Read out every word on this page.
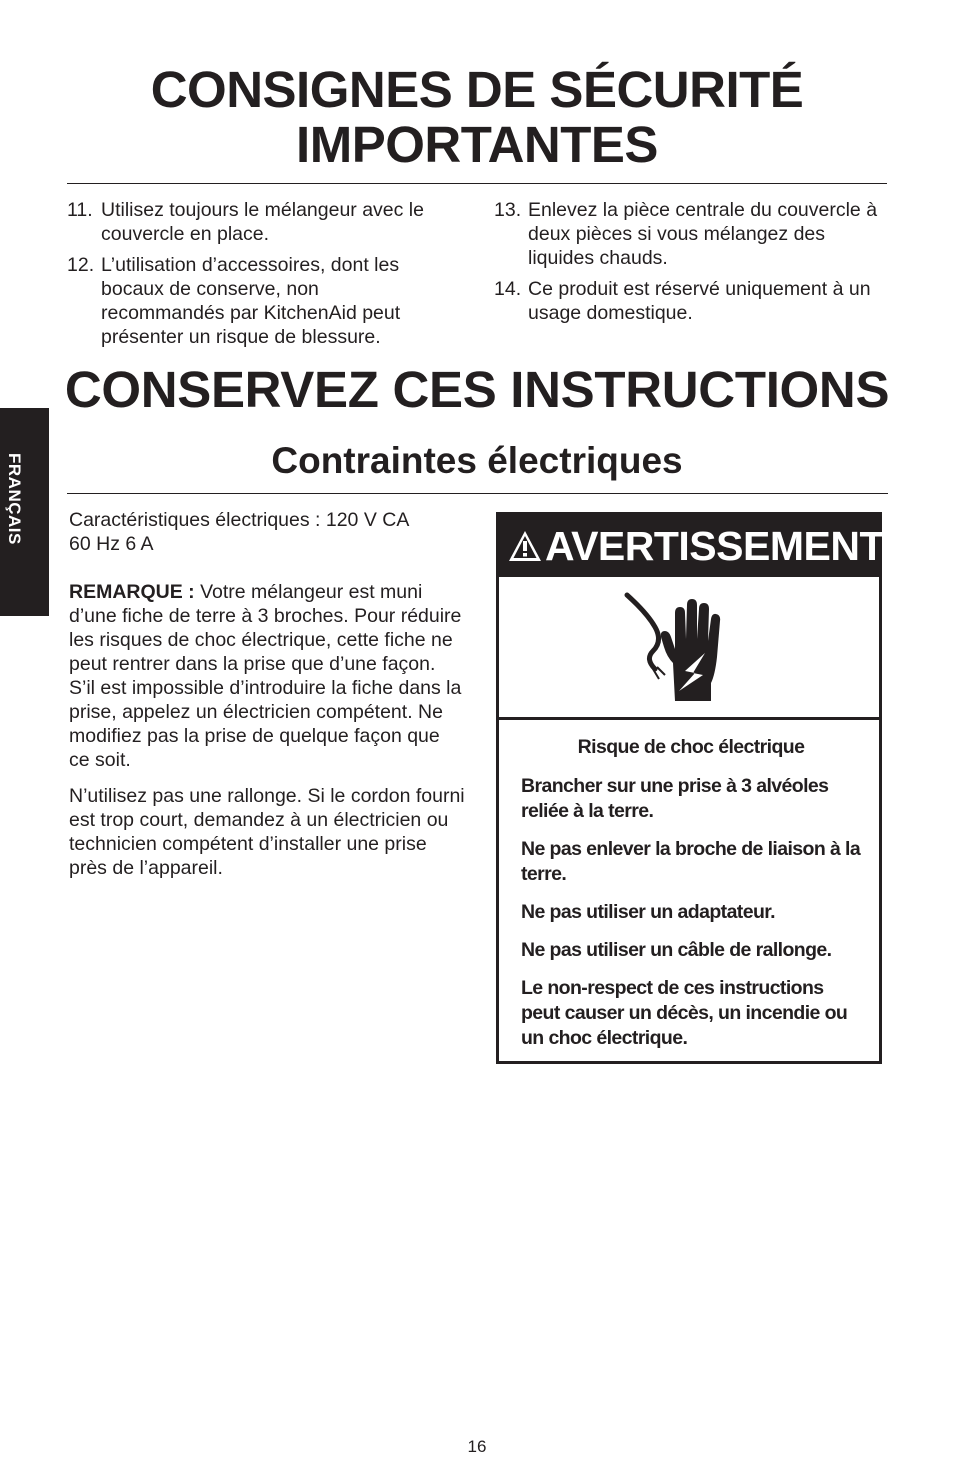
CONSIGNES DE SÉCURITÉ
IMPORTANTES
11. Utilisez toujours le mélangeur avec le couvercle en place.
12. L’utilisation d’accessoires, dont les bocaux de conserve, non recommandés par KitchenAid peut présenter un risque de blessure.
13. Enlevez la pièce centrale du couvercle à deux pièces si vous mélangez des liquides chauds.
14. Ce produit est réservé uniquement à un usage domestique.
CONSERVEZ CES INSTRUCTIONS
FRANÇAIS	Contraintes électriques

Caractéristiques électriques : 120 V CA
60 Hz 6 A

REMARQUE : Votre mélangeur est muni d’une fiche de terre à 3 broches. Pour réduire les risques de choc électrique, cette fiche ne peut rentrer dans la prise que d’une façon. S’il est impossible d’introduire la fiche dans la prise, appelez un électricien compétent. Ne modifiez pas la prise de quelque façon que ce soit.

N’utilisez pas une rallonge. Si le cordon fourni est trop court, demandez à un électricien ou technicien compétent d’installer une prise près de l’appareil.

AVERTISSEMENT

Risque de choc électrique

Brancher sur une prise à 3 alvéoles reliée à la terre.

Ne pas enlever la broche de liaison à la terre.

Ne pas utiliser un adaptateur.

Ne pas utiliser un câble de rallonge.

Le non-respect de ces instructions peut causer un décès, un incendie ou un choc électrique.

16
